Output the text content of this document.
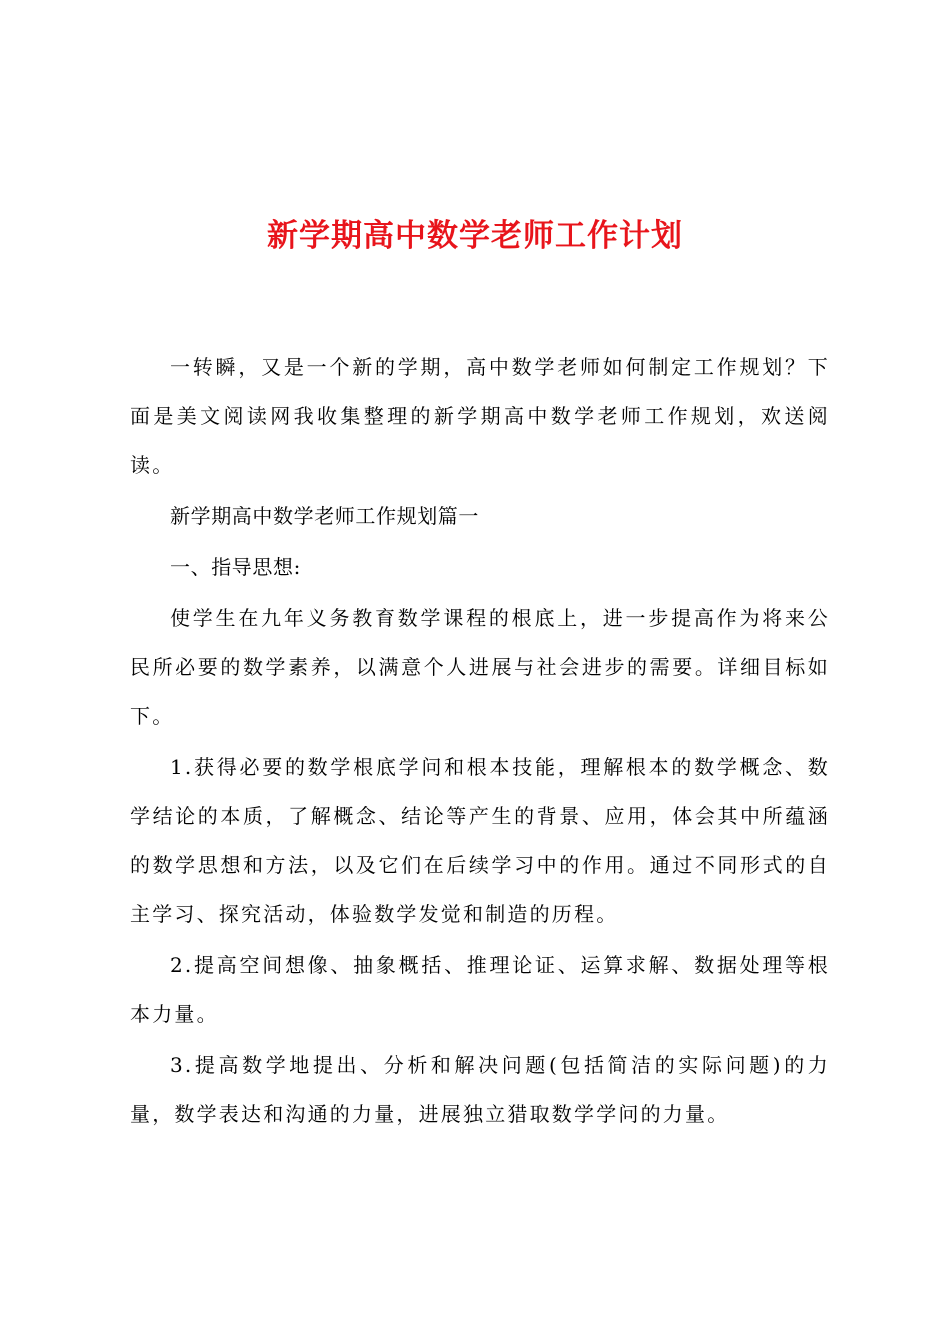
新学期高中数学老师工作计划

一转瞬，又是一个新的学期，高中数学老师如何制定工作规划？下面是美文阅读网我收集整理的新学期高中数学老师工作规划，欢送阅读。

新学期高中数学老师工作规划篇一

一、指导思想:

使学生在九年义务教育数学课程的根底上，进一步提高作为将来公民所必要的数学素养，以满意个人进展与社会进步的需要。详细目标如下。

1.获得必要的数学根底学问和根本技能，理解根本的数学概念、数学结论的本质，了解概念、结论等产生的背景、应用，体会其中所蕴涵的数学思想和方法，以及它们在后续学习中的作用。通过不同形式的自主学习、探究活动，体验数学发觉和制造的历程。

2.提高空间想像、抽象概括、推理论证、运算求解、数据处理等根本力量。

3.提高数学地提出、分析和解决问题(包括简洁的实际问题)的力量，数学表达和沟通的力量，进展独立猎取数学学问的力量。
